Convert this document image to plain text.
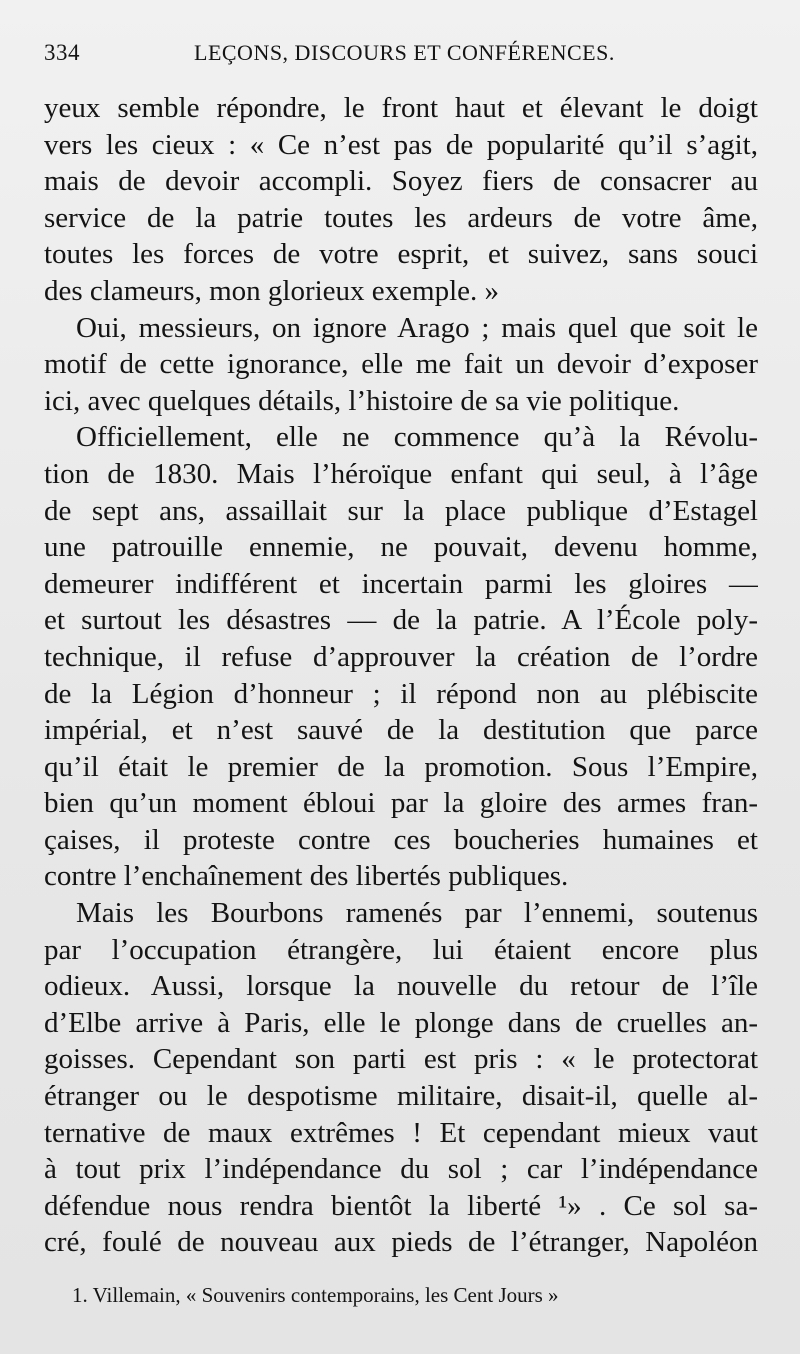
334	LEÇONS, DISCOURS ET CONFÉRENCES.
yeux semble répondre, le front haut et élevant le doigt
vers les cieux : « Ce n’est pas de popularité qu’il s’agit,
mais de devoir accompli. Soyez fiers de consacrer au
service de la patrie toutes les ardeurs de votre âme,
toutes les forces de votre esprit, et suivez, sans souci
des clameurs, mon glorieux exemple. »
Oui, messieurs, on ignore Arago ; mais quel que soit le
motif de cette ignorance, elle me fait un devoir d’exposer
ici, avec quelques détails, l’histoire de sa vie politique.
Officiellement, elle ne commence qu’à la Révolu-
tion de 1830. Mais l’héroïque enfant qui seul, à l’âge
de sept ans, assaillait sur la place publique d’Estagel
une patrouille ennemie, ne pouvait, devenu homme,
demeurer indifférent et incertain parmi les gloires —
et surtout les désastres — de la patrie. A l’École poly-
technique, il refuse d’approuver la création de l’ordre
de la Légion d’honneur ; il répond non au plébiscite
impérial, et n’est sauvé de la destitution que parce
qu’il était le premier de la promotion. Sous l’Empire,
bien qu’un moment ébloui par la gloire des armes fran-
çaises, il proteste contre ces boucheries humaines et
contre l’enchaînement des libertés publiques.
Mais les Bourbons ramenés par l’ennemi, soutenus
par l’occupation étrangère, lui étaient encore plus
odieux. Aussi, lorsque la nouvelle du retour de l’île
d’Elbe arrive à Paris, elle le plonge dans de cruelles an-
goisses. Cependant son parti est pris : « le protectorat
étranger ou le despotisme militaire, disait-il, quelle al-
ternative de maux extrêmes ! Et cependant mieux vaut
à tout prix l’indépendance du sol ; car l’indépendance
défendue nous rendra bientôt la liberté ¹» . Ce sol sa-
cré, foulé de nouveau aux pieds de l’étranger, Napoléon
1. Villemain, « Souvenirs contemporains, les Cent Jours »
